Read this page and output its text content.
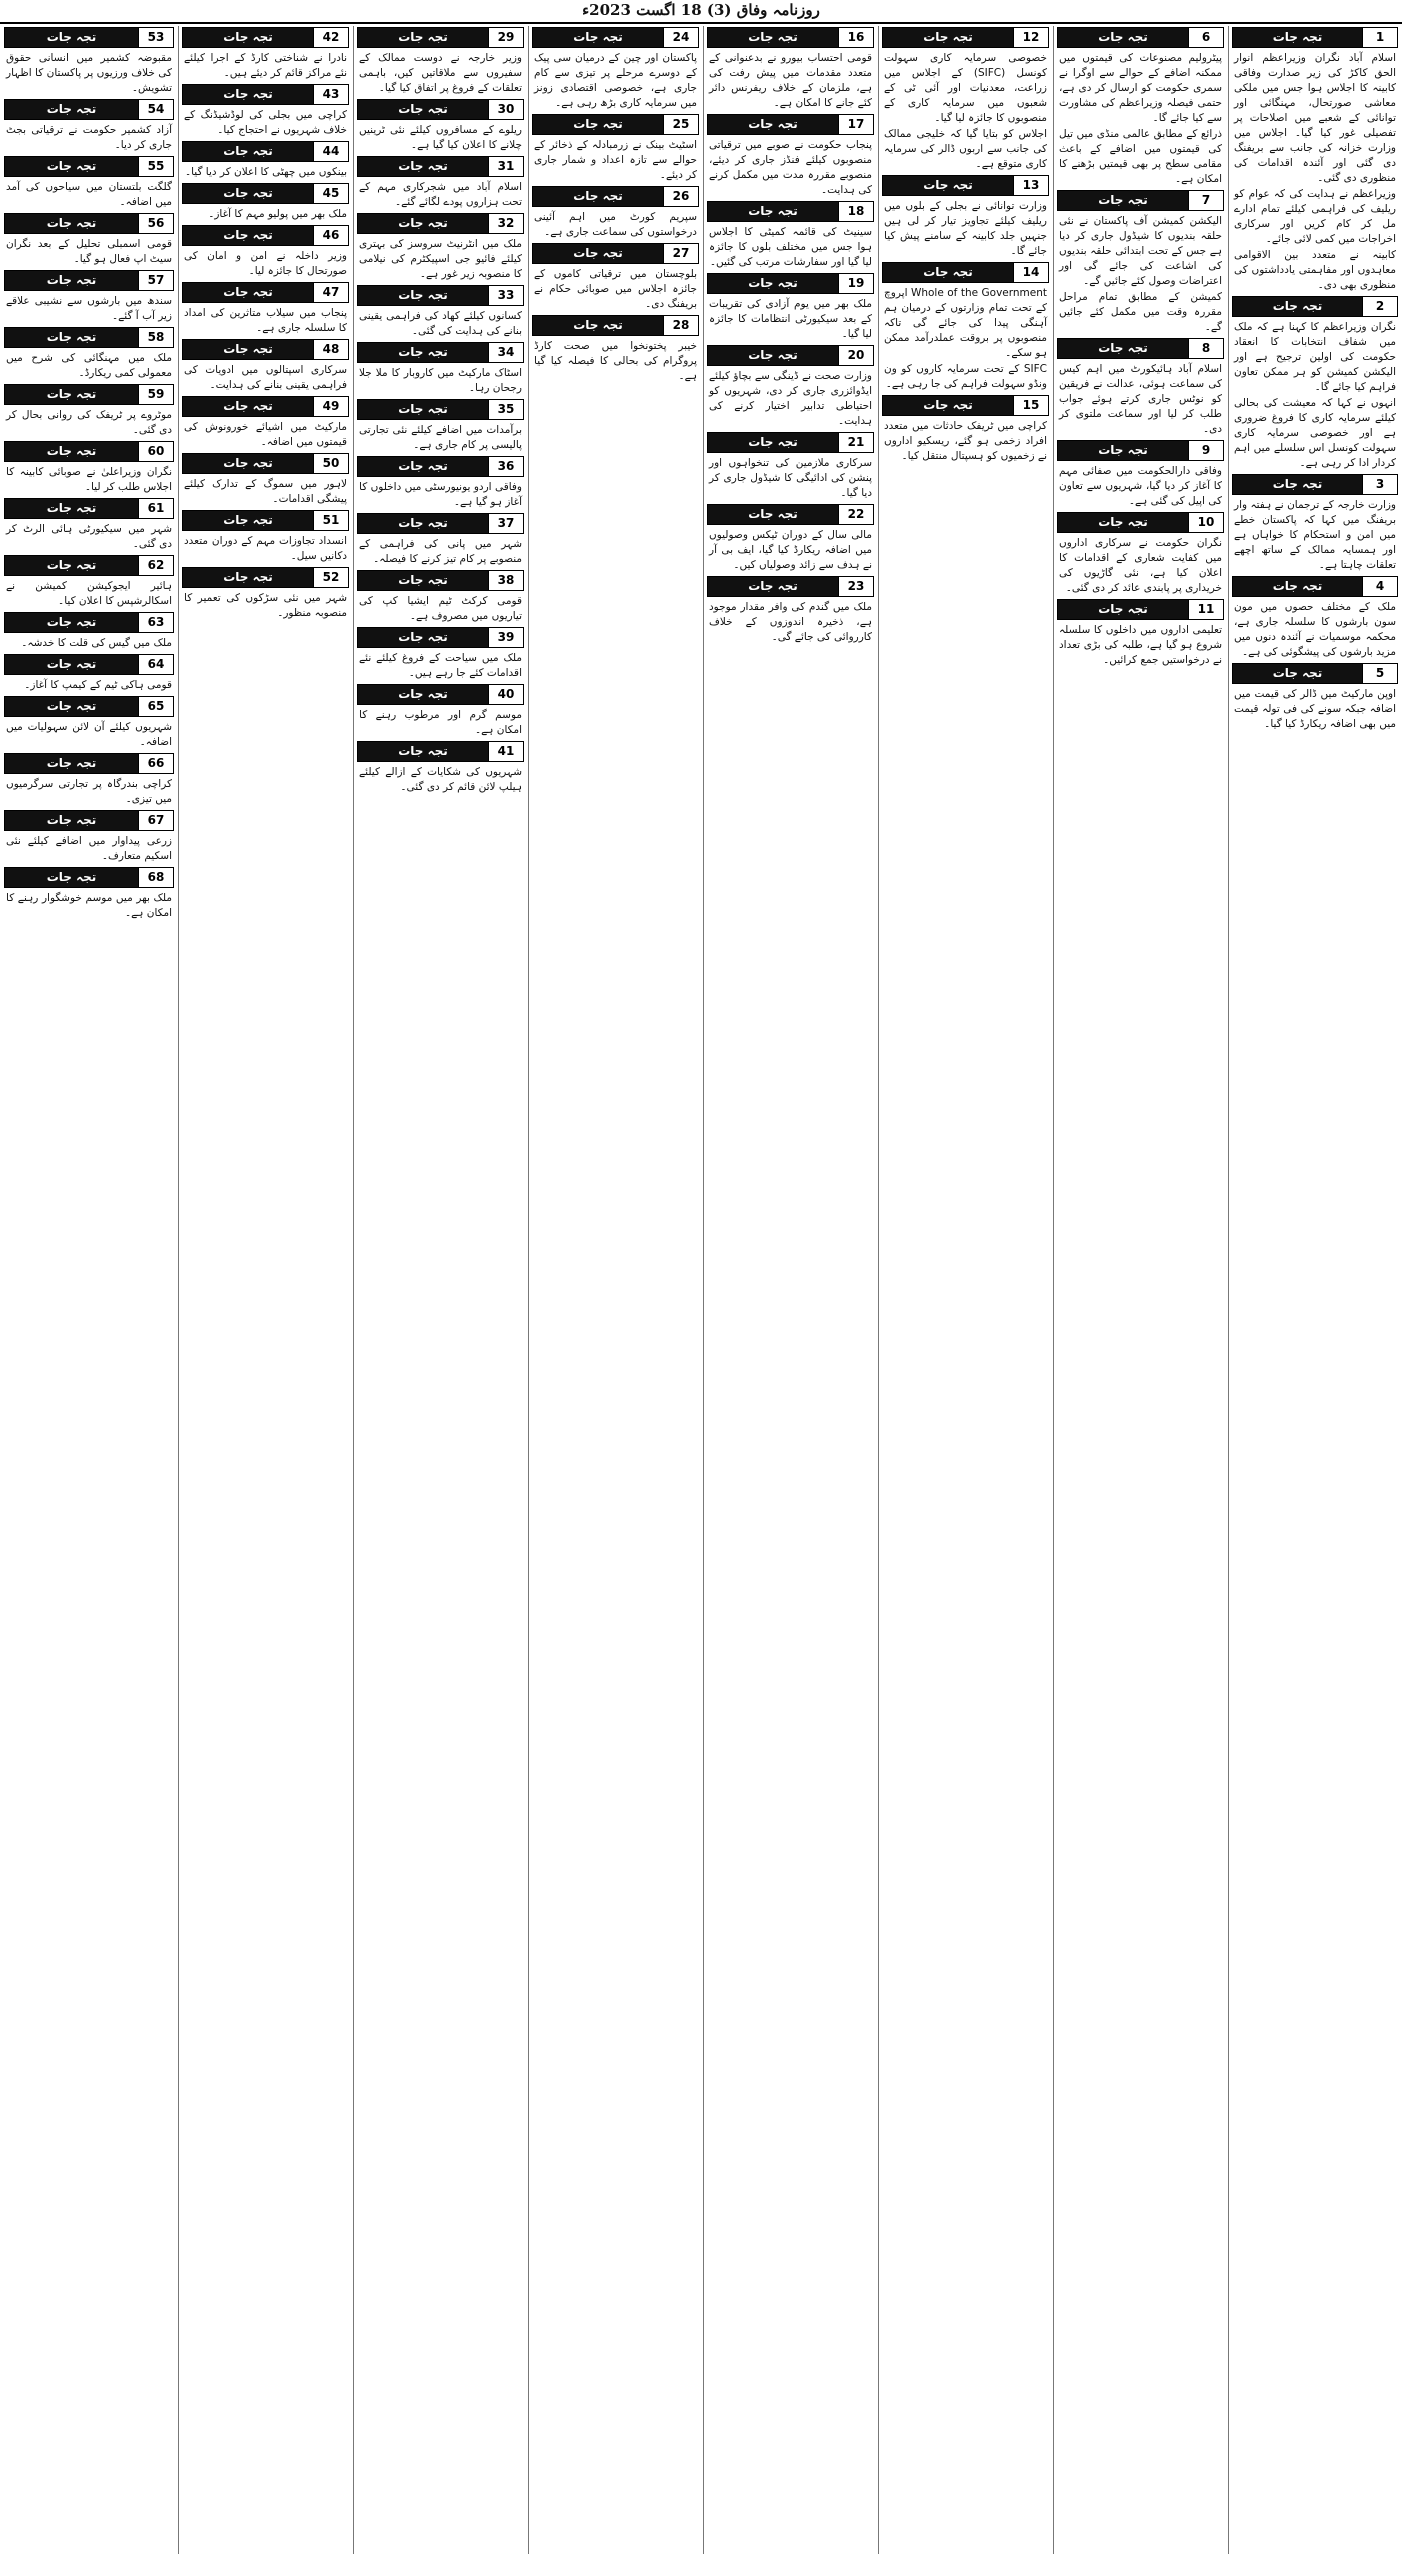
روزنامہ وفاق (3) 18 اگست 2023ء
1
تجہ جات

اسلام آباد نگران وزیراعظم انوار الحق کاکڑ کی زیر صدارت وفاقی کابینہ کا اجلاس ہوا جس میں ملکی معاشی صورتحال، مہنگائی اور توانائی کے شعبے میں اصلاحات پر تفصیلی غور کیا گیا۔ اجلاس میں وزارت خزانہ کی جانب سے بریفنگ دی گئی اور آئندہ اقدامات کی منظوری دی گئی۔

وزیراعظم نے ہدایت کی کہ عوام کو ریلیف کی فراہمی کیلئے تمام ادارے مل کر کام کریں اور سرکاری اخراجات میں کمی لائی جائے۔

کابینہ نے متعدد بین الاقوامی معاہدوں اور مفاہمتی یادداشتوں کی منظوری بھی دی۔

2
تجہ جات

نگران وزیراعظم کا کہنا ہے کہ ملک میں شفاف انتخابات کا انعقاد حکومت کی اولین ترجیح ہے اور الیکشن کمیشن کو ہر ممکن تعاون فراہم کیا جائے گا۔

انہوں نے کہا کہ معیشت کی بحالی کیلئے سرمایہ کاری کا فروغ ضروری ہے اور خصوصی سرمایہ کاری سہولت کونسل اس سلسلے میں اہم کردار ادا کر رہی ہے۔

3
تجہ جات

وزارت خارجہ کے ترجمان نے ہفتہ وار بریفنگ میں کہا کہ پاکستان خطے میں امن و استحکام کا خواہاں ہے اور ہمسایہ ممالک کے ساتھ اچھے تعلقات چاہتا ہے۔

4
تجہ جات

ملک کے مختلف حصوں میں مون سون بارشوں کا سلسلہ جاری ہے، محکمہ موسمیات نے آئندہ دنوں میں مزید بارشوں کی پیشگوئی کی ہے۔

5
تجہ جات

اوپن مارکیٹ میں ڈالر کی قیمت میں اضافہ جبکہ سونے کی فی تولہ قیمت میں بھی اضافہ ریکارڈ کیا گیا۔

6
تجہ جات

پیٹرولیم مصنوعات کی قیمتوں میں ممکنہ اضافے کے حوالے سے اوگرا نے سمری حکومت کو ارسال کر دی ہے، حتمی فیصلہ وزیراعظم کی مشاورت سے کیا جائے گا۔

ذرائع کے مطابق عالمی منڈی میں تیل کی قیمتوں میں اضافے کے باعث مقامی سطح پر بھی قیمتیں بڑھنے کا امکان ہے۔

7
تجہ جات

الیکشن کمیشن آف پاکستان نے نئی حلقہ بندیوں کا شیڈول جاری کر دیا ہے جس کے تحت ابتدائی حلقہ بندیوں کی اشاعت کی جائے گی اور اعتراضات وصول کئے جائیں گے۔

کمیشن کے مطابق تمام مراحل مقررہ وقت میں مکمل کئے جائیں گے۔

8
تجہ جات

اسلام آباد ہائیکورٹ میں اہم کیس کی سماعت ہوئی، عدالت نے فریقین کو نوٹس جاری کرتے ہوئے جواب طلب کر لیا اور سماعت ملتوی کر دی۔

9
تجہ جات

وفاقی دارالحکومت میں صفائی مہم کا آغاز کر دیا گیا، شہریوں سے تعاون کی اپیل کی گئی ہے۔

10
تجہ جات

نگران حکومت نے سرکاری اداروں میں کفایت شعاری کے اقدامات کا اعلان کیا ہے، نئی گاڑیوں کی خریداری پر پابندی عائد کر دی گئی۔

11
تجہ جات

تعلیمی اداروں میں داخلوں کا سلسلہ شروع ہو گیا ہے، طلبہ کی بڑی تعداد نے درخواستیں جمع کرائیں۔

12
تجہ جات

خصوصی سرمایہ کاری سہولت کونسل (SIFC) کے اجلاس میں زراعت، معدنیات اور آئی ٹی کے شعبوں میں سرمایہ کاری کے منصوبوں کا جائزہ لیا گیا۔

اجلاس کو بتایا گیا کہ خلیجی ممالک کی جانب سے اربوں ڈالر کی سرمایہ کاری متوقع ہے۔

13
تجہ جات

وزارت توانائی نے بجلی کے بلوں میں ریلیف کیلئے تجاویز تیار کر لی ہیں جنہیں جلد کابینہ کے سامنے پیش کیا جائے گا۔

14
تجہ جات

Whole of the Government اپروچ کے تحت تمام وزارتوں کے درمیان ہم آہنگی پیدا کی جائے گی تاکہ منصوبوں پر بروقت عملدرآمد ممکن ہو سکے۔

SIFC کے تحت سرمایہ کاروں کو ون ونڈو سہولت فراہم کی جا رہی ہے۔

15
تجہ جات

کراچی میں ٹریفک حادثات میں متعدد افراد زخمی ہو گئے، ریسکیو اداروں نے زخمیوں کو ہسپتال منتقل کیا۔

16
تجہ جات

قومی احتساب بیورو نے بدعنوانی کے متعدد مقدمات میں پیش رفت کی ہے، ملزمان کے خلاف ریفرنس دائر کئے جانے کا امکان ہے۔

17
تجہ جات

پنجاب حکومت نے صوبے میں ترقیاتی منصوبوں کیلئے فنڈز جاری کر دیئے، منصوبے مقررہ مدت میں مکمل کرنے کی ہدایت۔

18
تجہ جات

سینیٹ کی قائمہ کمیٹی کا اجلاس ہوا جس میں مختلف بلوں کا جائزہ لیا گیا اور سفارشات مرتب کی گئیں۔

19
تجہ جات

ملک بھر میں یوم آزادی کی تقریبات کے بعد سیکیورٹی انتظامات کا جائزہ لیا گیا۔

20
تجہ جات

وزارت صحت نے ڈینگی سے بچاؤ کیلئے ایڈوائزری جاری کر دی، شہریوں کو احتیاطی تدابیر اختیار کرنے کی ہدایت۔

21
تجہ جات

سرکاری ملازمین کی تنخواہوں اور پنشن کی ادائیگی کا شیڈول جاری کر دیا گیا۔

22
تجہ جات

مالی سال کے دوران ٹیکس وصولیوں میں اضافہ ریکارڈ کیا گیا، ایف بی آر نے ہدف سے زائد وصولیاں کیں۔

23
تجہ جات

ملک میں گندم کی وافر مقدار موجود ہے، ذخیرہ اندوزوں کے خلاف کارروائی کی جائے گی۔

24
تجہ جات

پاکستان اور چین کے درمیان سی پیک کے دوسرے مرحلے پر تیزی سے کام جاری ہے، خصوصی اقتصادی زونز میں سرمایہ کاری بڑھ رہی ہے۔

25
تجہ جات

اسٹیٹ بینک نے زرمبادلہ کے ذخائر کے حوالے سے تازہ اعداد و شمار جاری کر دیئے۔

26
تجہ جات

سپریم کورٹ میں اہم آئینی درخواستوں کی سماعت جاری ہے۔

27
تجہ جات

بلوچستان میں ترقیاتی کاموں کے جائزہ اجلاس میں صوبائی حکام نے بریفنگ دی۔

28
تجہ جات

خیبر پختونخوا میں صحت کارڈ پروگرام کی بحالی کا فیصلہ کیا گیا ہے۔

29
تجہ جات

وزیر خارجہ نے دوست ممالک کے سفیروں سے ملاقاتیں کیں، باہمی تعلقات کے فروغ پر اتفاق کیا گیا۔

30
تجہ جات

ریلوے کے مسافروں کیلئے نئی ٹرینیں چلانے کا اعلان کیا گیا ہے۔

31
تجہ جات

اسلام آباد میں شجرکاری مہم کے تحت ہزاروں پودے لگائے گئے۔

32
تجہ جات

ملک میں انٹرنیٹ سروسز کی بہتری کیلئے فائیو جی اسپیکٹرم کی نیلامی کا منصوبہ زیر غور ہے۔

33
تجہ جات

کسانوں کیلئے کھاد کی فراہمی یقینی بنانے کی ہدایت کی گئی۔

34
تجہ جات

اسٹاک مارکیٹ میں کاروبار کا ملا جلا رجحان رہا۔

35
تجہ جات

برآمدات میں اضافے کیلئے نئی تجارتی پالیسی پر کام جاری ہے۔

36
تجہ جات

وفاقی اردو یونیورسٹی میں داخلوں کا آغاز ہو گیا ہے۔

37
تجہ جات

شہر میں پانی کی فراہمی کے منصوبے پر کام تیز کرنے کا فیصلہ۔

38
تجہ جات

قومی کرکٹ ٹیم ایشیا کپ کی تیاریوں میں مصروف ہے۔

39
تجہ جات

ملک میں سیاحت کے فروغ کیلئے نئے اقدامات کئے جا رہے ہیں۔

40
تجہ جات

موسم گرم اور مرطوب رہنے کا امکان ہے۔

41
تجہ جات

شہریوں کی شکایات کے ازالے کیلئے ہیلپ لائن قائم کر دی گئی۔

42
تجہ جات

نادرا نے شناختی کارڈ کے اجرا کیلئے نئے مراکز قائم کر دیئے ہیں۔

43
تجہ جات

کراچی میں بجلی کی لوڈشیڈنگ کے خلاف شہریوں نے احتجاج کیا۔

44
تجہ جات

بینکوں میں چھٹی کا اعلان کر دیا گیا۔

45
تجہ جات

ملک بھر میں پولیو مہم کا آغاز۔

46
تجہ جات

وزیر داخلہ نے امن و امان کی صورتحال کا جائزہ لیا۔

47
تجہ جات

پنجاب میں سیلاب متاثرین کی امداد کا سلسلہ جاری ہے۔

48
تجہ جات

سرکاری اسپتالوں میں ادویات کی فراہمی یقینی بنانے کی ہدایت۔

49
تجہ جات

مارکیٹ میں اشیائے خورونوش کی قیمتوں میں اضافہ۔

50
تجہ جات

لاہور میں سموگ کے تدارک کیلئے پیشگی اقدامات۔

51
تجہ جات

انسداد تجاوزات مہم کے دوران متعدد دکانیں سیل۔

52
تجہ جات

شہر میں نئی سڑکوں کی تعمیر کا منصوبہ منظور۔

53
تجہ جات

مقبوضہ کشمیر میں انسانی حقوق کی خلاف ورزیوں پر پاکستان کا اظہار تشویش۔

54
تجہ جات

آزاد کشمیر حکومت نے ترقیاتی بجٹ جاری کر دیا۔

55
تجہ جات

گلگت بلتستان میں سیاحوں کی آمد میں اضافہ۔

56
تجہ جات

قومی اسمبلی تحلیل کے بعد نگران سیٹ اپ فعال ہو گیا۔

57
تجہ جات

سندھ میں بارشوں سے نشیبی علاقے زیر آب آ گئے۔

58
تجہ جات

ملک میں مہنگائی کی شرح میں معمولی کمی ریکارڈ۔

59
تجہ جات

موٹروے پر ٹریفک کی روانی بحال کر دی گئی۔

60
تجہ جات

نگران وزیراعلیٰ نے صوبائی کابینہ کا اجلاس طلب کر لیا۔

61
تجہ جات

شہر میں سیکیورٹی ہائی الرٹ کر دی گئی۔

62
تجہ جات

ہائیر ایجوکیشن کمیشن نے اسکالرشپس کا اعلان کیا۔

63
تجہ جات

ملک میں گیس کی قلت کا خدشہ۔

64
تجہ جات

قومی ہاکی ٹیم کے کیمپ کا آغاز۔

65
تجہ جات

شہریوں کیلئے آن لائن سہولیات میں اضافہ۔

66
تجہ جات

کراچی بندرگاہ پر تجارتی سرگرمیوں میں تیزی۔

67
تجہ جات

زرعی پیداوار میں اضافے کیلئے نئی اسکیم متعارف۔

68
تجہ جات

ملک بھر میں موسم خوشگوار رہنے کا امکان ہے۔
